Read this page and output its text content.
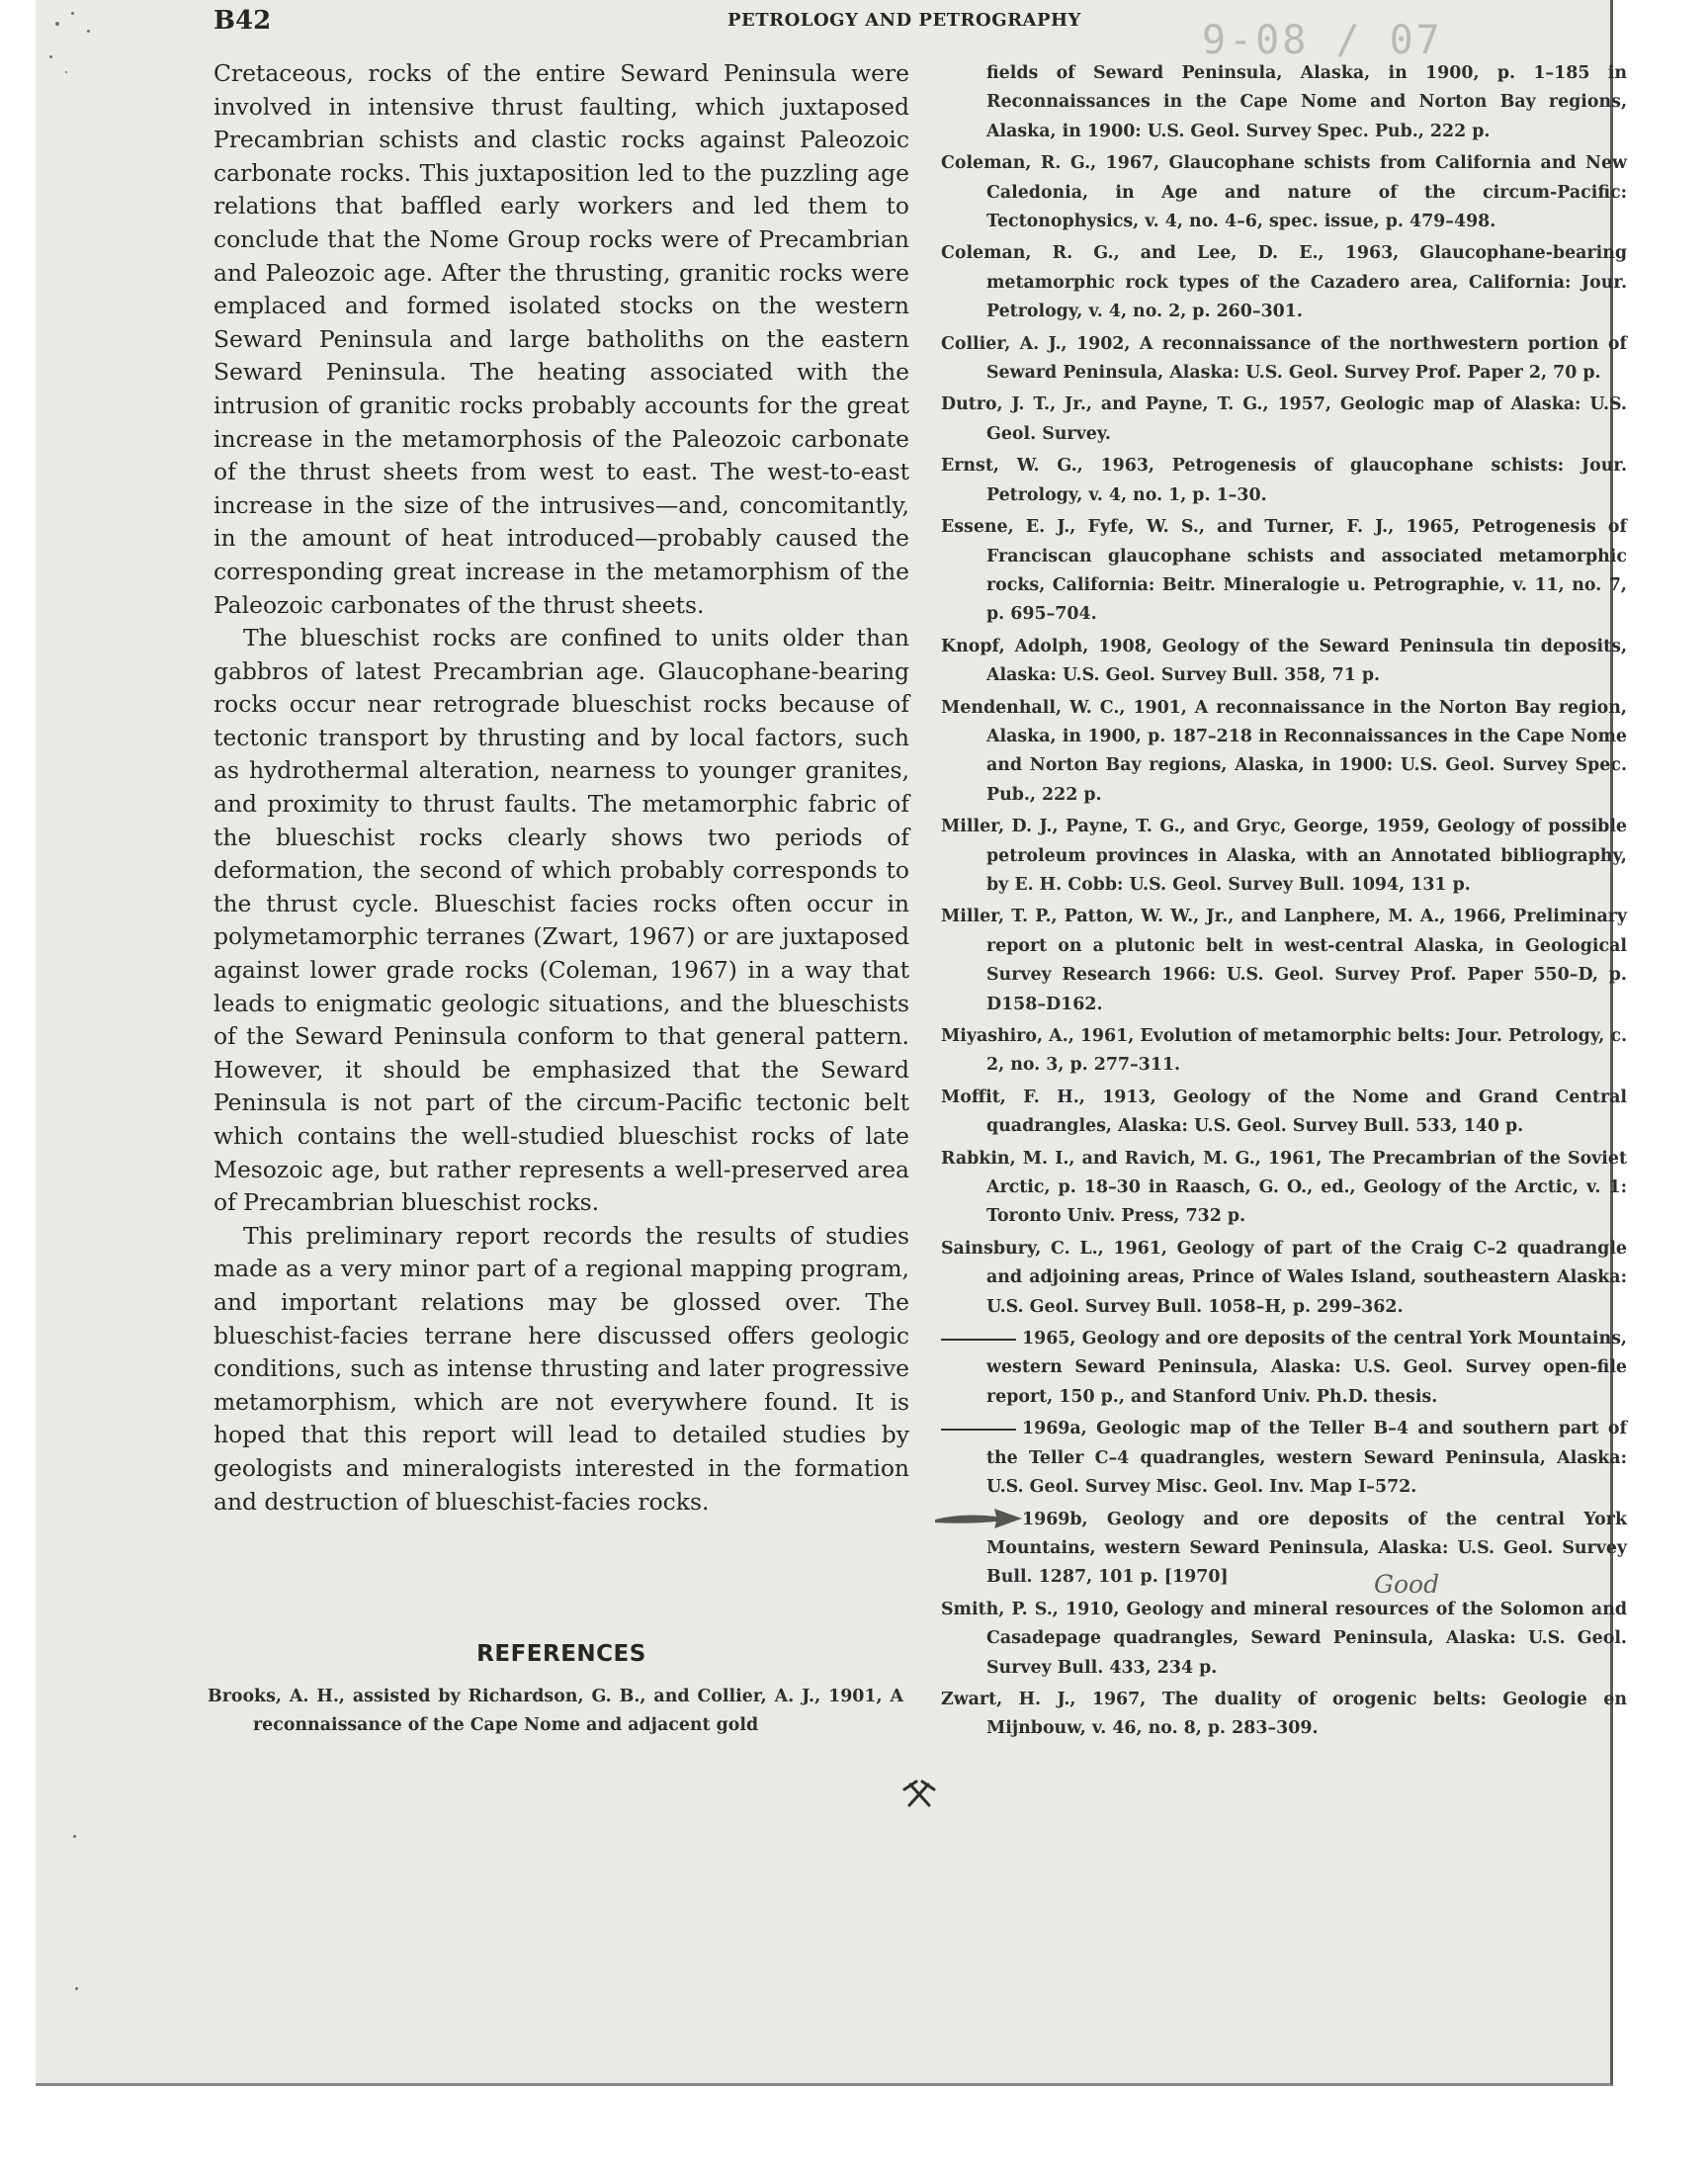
B42	PETROLOGY AND PETROGRAPHY	9-08 / 07

Cretaceous, rocks of the entire Seward Peninsula were involved in intensive thrust faulting, which juxtaposed Precambrian schists and clastic rocks against Paleozoic carbonate rocks. This juxtaposition led to the puzzling age relations that baffled early workers and led them to conclude that the Nome Group rocks were of Precambrian and Paleozoic age. After the thrusting, granitic rocks were emplaced and formed isolated stocks on the western Seward Peninsula and large batholiths on the eastern Seward Peninsula. The heating associated with the intrusion of granitic rocks probably accounts for the great increase in the metamorphosis of the Paleozoic carbonate of the thrust sheets from west to east. The west-to-east increase in the size of the intrusives—and, concomitantly, in the amount of heat introduced—probably caused the corresponding great increase in the metamorphism of the Paleozoic carbonates of the thrust sheets.

The blueschist rocks are confined to units older than gabbros of latest Precambrian age. Glaucophane-bearing rocks occur near retrograde blueschist rocks because of tectonic transport by thrusting and by local factors, such as hydrothermal alteration, nearness to younger granites, and proximity to thrust faults. The metamorphic fabric of the blueschist rocks clearly shows two periods of deformation, the second of which probably corresponds to the thrust cycle. Blueschist facies rocks often occur in polymetamorphic terranes (Zwart, 1967) or are juxtaposed against lower grade rocks (Coleman, 1967) in a way that leads to enigmatic geologic situations, and the blueschists of the Seward Peninsula conform to that general pattern. However, it should be emphasized that the Seward Peninsula is not part of the circum-Pacific tectonic belt which contains the well-studied blueschist rocks of late Mesozoic age, but rather represents a well-preserved area of Precambrian blueschist rocks.

This preliminary report records the results of studies made as a very minor part of a regional mapping program, and important relations may be glossed over. The blueschist-facies terrane here discussed offers geologic conditions, such as intense thrusting and later progressive metamorphism, which are not everywhere found. It is hoped that this report will lead to detailed studies by geologists and mineralogists interested in the formation and destruction of blueschist-facies rocks.

REFERENCES
Brooks, A. H., assisted by Richardson, G. B., and Collier, A. J., 1901, A reconnaissance of the Cape Nome and adjacent gold
fields of Seward Peninsula, Alaska, in 1900, p. 1–185 in Reconnaissances in the Cape Nome and Norton Bay regions, Alaska, in 1900: U.S. Geol. Survey Spec. Pub., 222 p.
Coleman, R. G., 1967, Glaucophane schists from California and New Caledonia, in Age and nature of the circum-Pacific: Tectonophysics, v. 4, no. 4–6, spec. issue, p. 479–498.
Coleman, R. G., and Lee, D. E., 1963, Glaucophane-bearing metamorphic rock types of the Cazadero area, California: Jour. Petrology, v. 4, no. 2, p. 260–301.
Collier, A. J., 1902, A reconnaissance of the northwestern portion of Seward Peninsula, Alaska: U.S. Geol. Survey Prof. Paper 2, 70 p.
Dutro, J. T., Jr., and Payne, T. G., 1957, Geologic map of Alaska: U.S. Geol. Survey.
Ernst, W. G., 1963, Petrogenesis of glaucophane schists: Jour. Petrology, v. 4, no. 1, p. 1–30.
Essene, E. J., Fyfe, W. S., and Turner, F. J., 1965, Petrogenesis of Franciscan glaucophane schists and associated metamorphic rocks, California: Beitr. Mineralogie u. Petrographie, v. 11, no. 7, p. 695–704.
Knopf, Adolph, 1908, Geology of the Seward Peninsula tin deposits, Alaska: U.S. Geol. Survey Bull. 358, 71 p.
Mendenhall, W. C., 1901, A reconnaissance in the Norton Bay region, Alaska, in 1900, p. 187–218 in Reconnaissances in the Cape Nome and Norton Bay regions, Alaska, in 1900: U.S. Geol. Survey Spec. Pub., 222 p.
Miller, D. J., Payne, T. G., and Gryc, George, 1959, Geology of possible petroleum provinces in Alaska, with an Annotated bibliography, by E. H. Cobb: U.S. Geol. Survey Bull. 1094, 131 p.
Miller, T. P., Patton, W. W., Jr., and Lanphere, M. A., 1966, Preliminary report on a plutonic belt in west-central Alaska, in Geological Survey Research 1966: U.S. Geol. Survey Prof. Paper 550–D, p. D158–D162.
Miyashiro, A., 1961, Evolution of metamorphic belts: Jour. Petrology, c. 2, no. 3, p. 277–311.
Moffit, F. H., 1913, Geology of the Nome and Grand Central quadrangles, Alaska: U.S. Geol. Survey Bull. 533, 140 p.
Rabkin, M. I., and Ravich, M. G., 1961, The Precambrian of the Soviet Arctic, p. 18–30 in Raasch, G. O., ed., Geology of the Arctic, v. 1: Toronto Univ. Press, 732 p.
Sainsbury, C. L., 1961, Geology of part of the Craig C–2 quadrangle and adjoining areas, Prince of Wales Island, southeastern Alaska: U.S. Geol. Survey Bull. 1058–H, p. 299–362.
1965, Geology and ore deposits of the central York Mountains, western Seward Peninsula, Alaska: U.S. Geol. Survey open-file report, 150 p., and Stanford Univ. Ph.D. thesis.
1969a, Geologic map of the Teller B–4 and southern part of the Teller C–4 quadrangles, western Seward Peninsula, Alaska: U.S. Geol. Survey Misc. Geol. Inv. Map I–572.
1969b, Geology and ore deposits of the central York Mountains, western Seward Peninsula, Alaska: U.S. Geol. Survey Bull. 1287, 101 p. [1970]
Smith, P. S., 1910, Geology and mineral resources of the Solomon and Casadepage quadrangles, Seward Peninsula, Alaska: U.S. Geol. Survey Bull. 433, 234 p.
Zwart, H. J., 1967, The duality of orogenic belts: Geologie en Mijnbouw, v. 46, no. 8, p. 283–309.
Good
